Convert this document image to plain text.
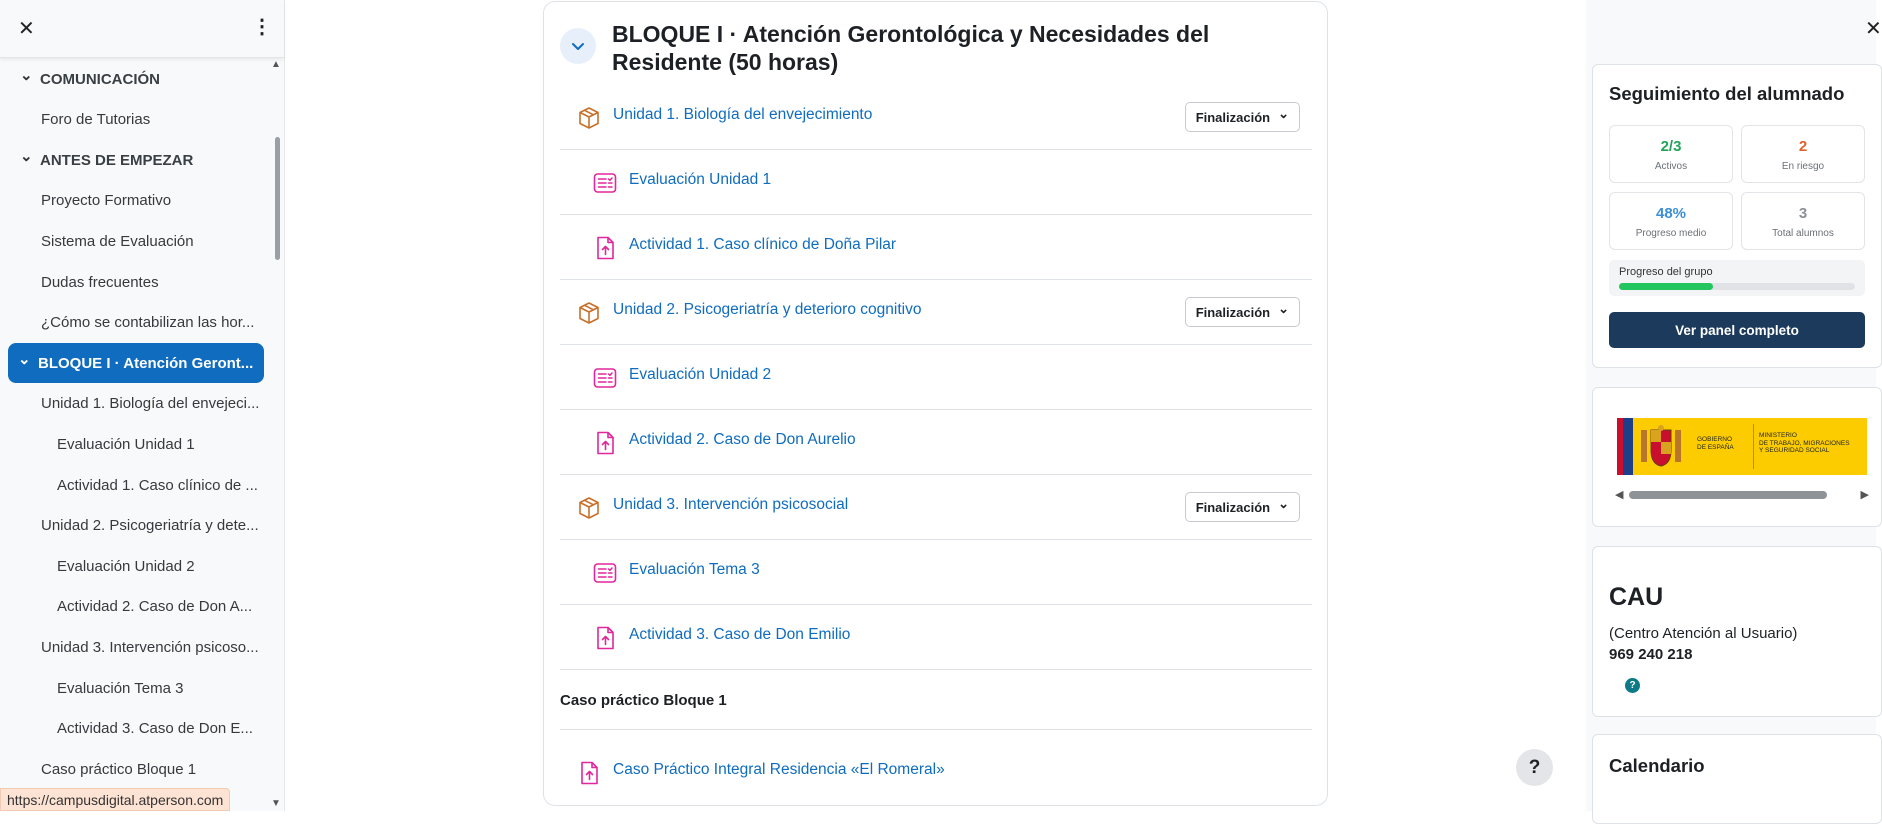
✕	⋮
⌄ COMUNICACIÓN
Foro de Tutorias
⌄ ANTES DE EMPEZAR
Proyecto Formativo
Sistema de Evaluación
Dudas frecuentes
¿Cómo se contabilizan las hor...
⌄ BLOQUE I · Atención Geront...
Unidad 1. Biología del envejeci...
Evaluación Unidad 1
Actividad 1. Caso clínico de ...
Unidad 2. Psicogeriatría y dete...
Evaluación Unidad 2
Actividad 2. Caso de Don A...
Unidad 3. Intervención psicoso...
Evaluación Tema 3
Actividad 3. Caso de Don E...
Caso práctico Bloque 1
▲
▼
https://campusdigital.atperson.com
BLOQUE I · Atención Gerontológica y Necesidades del Residente (50 horas)
Unidad 1. Biología del envejecimiento	Finalización ⌄
Evaluación Unidad 1
Actividad 1. Caso clínico de Doña Pilar
Unidad 2. Psicogeriatría y deterioro cognitivo	Finalización ⌄
Evaluación Unidad 2
Actividad 2. Caso de Don Aurelio
Unidad 3. Intervención psicosocial	Finalización ⌄
Evaluación Tema 3
Actividad 3. Caso de Don Emilio
Caso práctico Bloque 1
Caso Práctico Integral Residencia «El Romeral»	?
✕
Seguimiento del alumnado
2/3
Activos
2
En riesgo
48%
Progreso medio
3
Total alumnos
Progreso del grupo
Ver panel completo
GOBIERNO
DE ESPAÑA
MINISTERIO
DE TRABAJO, MIGRACIONES
Y SEGURIDAD SOCIAL
◀	▶
CAU
(Centro Atención al Usuario)
969 240 218
?
Calendario
